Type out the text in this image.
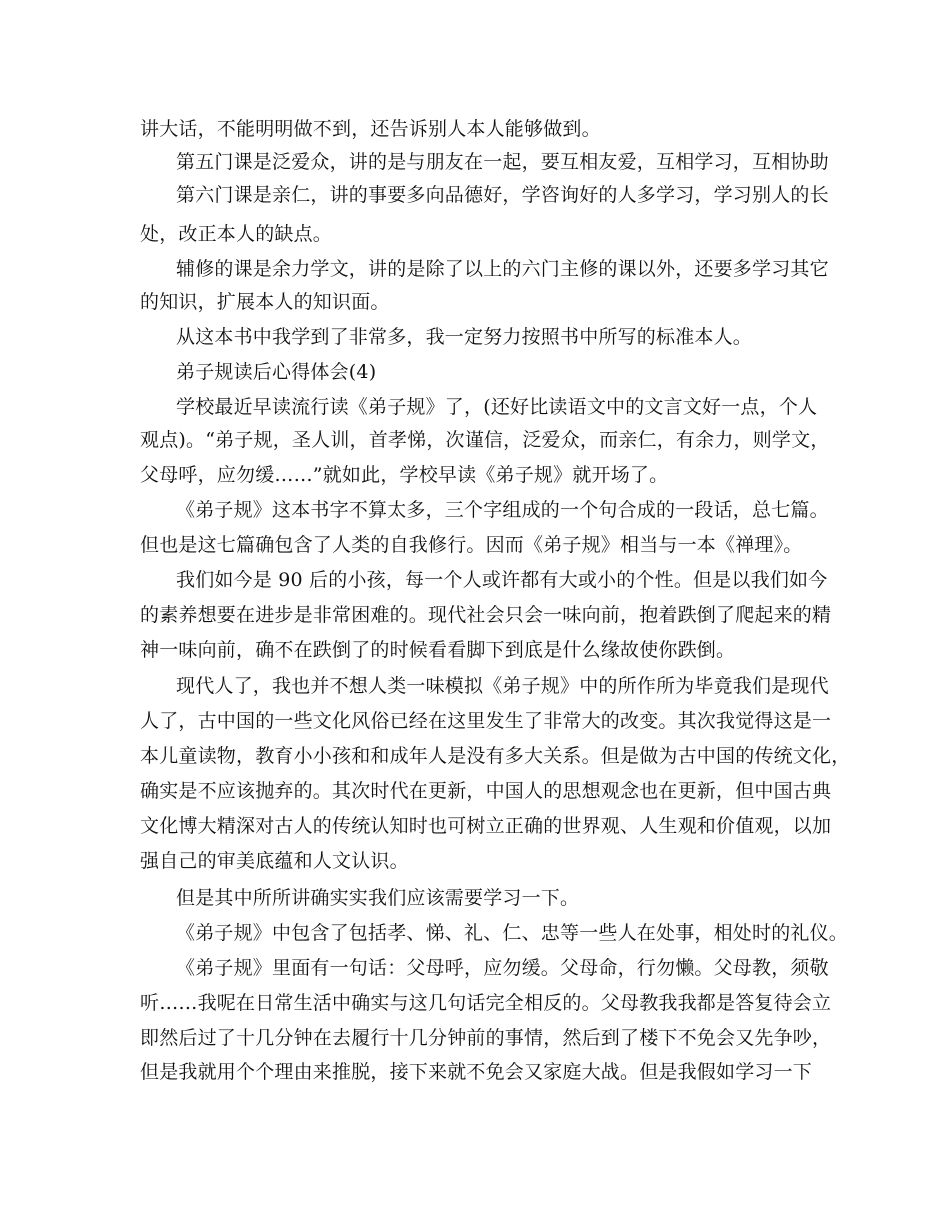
讲大话，不能明明做不到，还告诉别人本人能够做到。
第五门课是泛爱众，讲的是与朋友在一起，要互相友爱，互相学习，互相协助
第六门课是亲仁，讲的事要多向品德好，学咨询好的人多学习，学习别人的长
处，改正本人的缺点。
辅修的课是余力学文，讲的是除了以上的六门主修的课以外，还要多学习其它
的知识，扩展本人的知识面。
从这本书中我学到了非常多，我一定努力按照书中所写的标准本人。
弟子规读后心得体会(4)
学校最近早读流行读《弟子规》了，(还好比读语文中的文言文好一点，个人
观点)。“弟子规，圣人训，首孝悌，次谨信，泛爱众，而亲仁，有余力，则学文，
父母呼，应勿缓……”就如此，学校早读《弟子规》就开场了。
《弟子规》这本书字不算太多，三个字组成的一个句合成的一段话，总七篇。
但也是这七篇确包含了人类的自我修行。因而《弟子规》相当与一本《禅理》。
我们如今是 90 后的小孩，每一个人或许都有大或小的个性。但是以我们如今
的素养想要在进步是非常困难的。现代社会只会一味向前，抱着跌倒了爬起来的精
神一味向前，确不在跌倒了的时候看看脚下到底是什么缘故使你跌倒。
现代人了，我也并不想人类一味模拟《弟子规》中的所作所为毕竟我们是现代
人了，古中国的一些文化风俗已经在这里发生了非常大的改变。其次我觉得这是一
本儿童读物，教育小小孩和和成年人是没有多大关系。但是做为古中国的传统文化，
确实是不应该抛弃的。其次时代在更新，中国人的思想观念也在更新，但中国古典
文化博大精深对古人的传统认知时也可树立正确的世界观、人生观和价值观，以加
强自己的审美底蕴和人文认识。
但是其中所所讲确实实我们应该需要学习一下。
《弟子规》中包含了包括孝、悌、礼、仁、忠等一些人在处事，相处时的礼仪。
《弟子规》里面有一句话：父母呼，应勿缓。父母命，行勿懒。父母教，须敬
听……我呢在日常生活中确实与这几句话完全相反的。父母教我我都是答复待会立
即然后过了十几分钟在去履行十几分钟前的事情，然后到了楼下不免会又先争吵，
但是我就用个个理由来推脱，接下来就不免会又家庭大战。但是我假如学习一下
